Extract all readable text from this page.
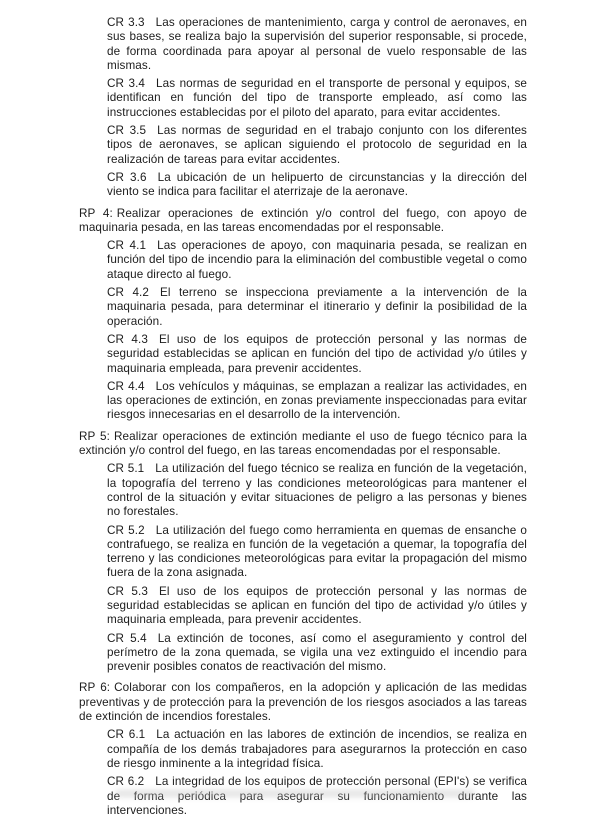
CR 3.3 Las operaciones de mantenimiento, carga y control de aeronaves, en sus bases, se realiza bajo la supervisión del superior responsable, si procede, de forma coordinada para apoyar al personal de vuelo responsable de las mismas.

CR 3.4 Las normas de seguridad en el transporte de personal y equipos, se identifican en función del tipo de transporte empleado, así como las instrucciones establecidas por el piloto del aparato, para evitar accidentes.

CR 3.5 Las normas de seguridad en el trabajo conjunto con los diferentes tipos de aeronaves, se aplican siguiendo el protocolo de seguridad en la realización de tareas para evitar accidentes.

CR 3.6 La ubicación de un helipuerto de circunstancias y la dirección del viento se indica para facilitar el aterrizaje de la aeronave.

RP 4: Realizar operaciones de extinción y/o control del fuego, con apoyo de maquinaria pesada, en las tareas encomendadas por el responsable.

CR 4.1 Las operaciones de apoyo, con maquinaria pesada, se realizan en función del tipo de incendio para la eliminación del combustible vegetal o como ataque directo al fuego.

CR 4.2 El terreno se inspecciona previamente a la intervención de la maquinaria pesada, para determinar el itinerario y definir la posibilidad de la operación.

CR 4.3 El uso de los equipos de protección personal y las normas de seguridad establecidas se aplican en función del tipo de actividad y/o útiles y maquinaria empleada, para prevenir accidentes.

CR 4.4 Los vehículos y máquinas, se emplazan a realizar las actividades, en las operaciones de extinción, en zonas previamente inspeccionadas para evitar riesgos innecesarias en el desarrollo de la intervención.

RP 5: Realizar operaciones de extinción mediante el uso de fuego técnico para la extinción y/o control del fuego, en las tareas encomendadas por el responsable.

CR 5.1 La utilización del fuego técnico se realiza en función de la vegetación, la topografía del terreno y las condiciones meteorológicas para mantener el control de la situación y evitar situaciones de peligro a las personas y bienes no forestales.

CR 5.2 La utilización del fuego como herramienta en quemas de ensanche o contrafuego, se realiza en función de la vegetación a quemar, la topografía del terreno y las condiciones meteorológicas para evitar la propagación del mismo fuera de la zona asignada.

CR 5.3 El uso de los equipos de protección personal y las normas de seguridad establecidas se aplican en función del tipo de actividad y/o útiles y maquinaria empleada, para prevenir accidentes.

CR 5.4 La extinción de tocones, así como el aseguramiento y control del perímetro de la zona quemada, se vigila una vez extinguido el incendio para prevenir posibles conatos de reactivación del mismo.

RP 6: Colaborar con los compañeros, en la adopción y aplicación de las medidas preventivas y de protección para la prevención de los riesgos asociados a las tareas de extinción de incendios forestales.

CR 6.1 La actuación en las labores de extinción de incendios, se realiza en compañía de los demás trabajadores para asegurarnos la protección en caso de riesgo inminente a la integridad física.

CR 6.2 La integridad de los equipos de protección personal (EPI's) se verifica de forma periódica para asegurar su funcionamiento durante las intervenciones.
